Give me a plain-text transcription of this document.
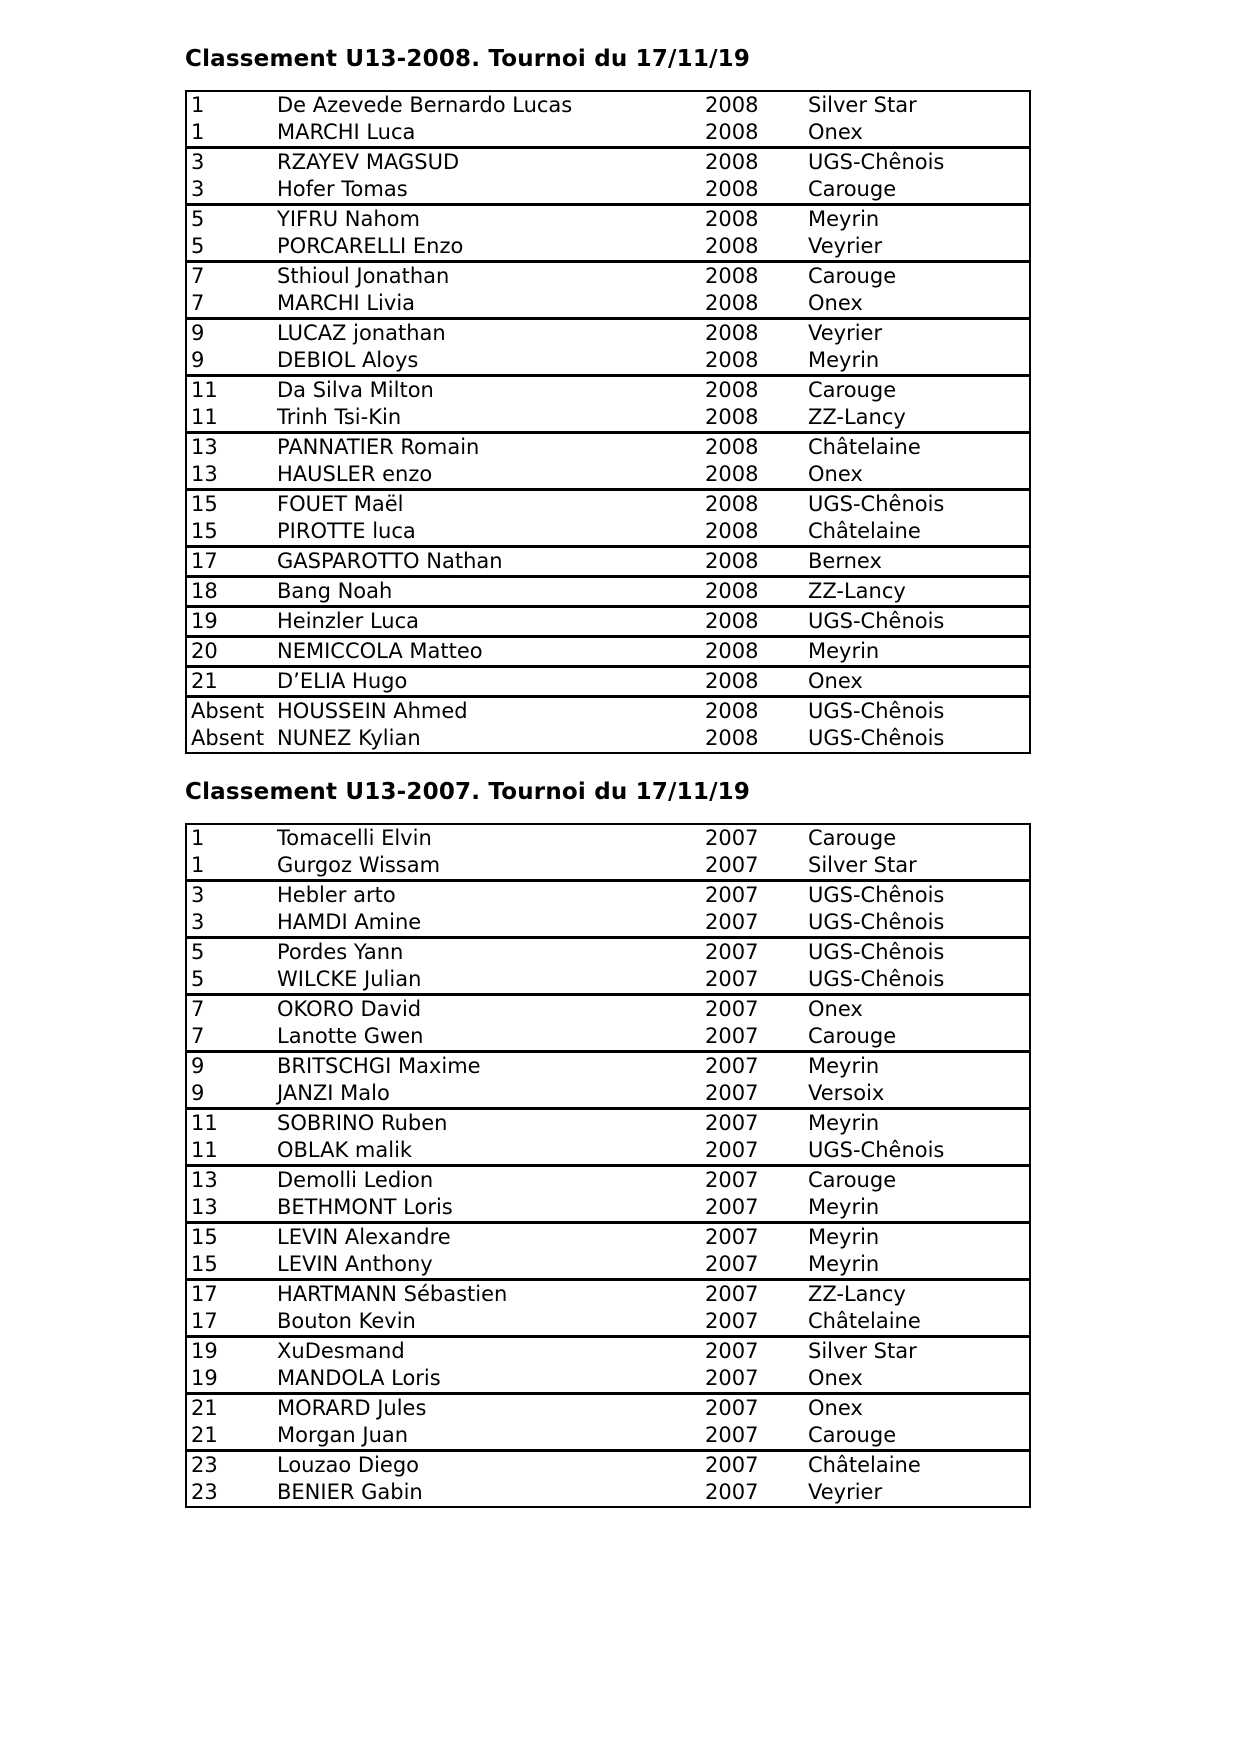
Classement U13-2008. Tournoi du 17/11/19
1	De Azevede Bernardo Lucas	2008	Silver Star
1	MARCHI Luca	2008	Onex
3	RZAYEV MAGSUD	2008	UGS-Chênois
3	Hofer Tomas	2008	Carouge
5	YIFRU Nahom	2008	Meyrin
5	PORCARELLI Enzo	2008	Veyrier
7	Sthioul Jonathan	2008	Carouge
7	MARCHI Livia	2008	Onex
9	LUCAZ jonathan	2008	Veyrier
9	DEBIOL Aloys	2008	Meyrin
11	Da Silva Milton	2008	Carouge
11	Trinh Tsi-Kin	2008	ZZ-Lancy
13	PANNATIER Romain	2008	Châtelaine
13	HAUSLER enzo	2008	Onex
15	FOUET Maël	2008	UGS-Chênois
15	PIROTTE luca	2008	Châtelaine
17	GASPAROTTO Nathan	2008	Bernex
18	Bang Noah	2008	ZZ-Lancy
19	Heinzler Luca	2008	UGS-Chênois
20	NEMICCOLA Matteo	2008	Meyrin
21	D’ELIA Hugo	2008	Onex
Absent HOUSSEIN Ahmed	2008	UGS-Chênois
Absent NUNEZ Kylian	2008	UGS-Chênois
Classement U13-2007. Tournoi du 17/11/19
1	Tomacelli Elvin	2007	Carouge
1	Gurgoz Wissam	2007	Silver Star
3	Hebler arto	2007	UGS-Chênois
3	HAMDI Amine	2007	UGS-Chênois
5	Pordes Yann	2007	UGS-Chênois
5	WILCKE Julian	2007	UGS-Chênois
7	OKORO David	2007	Onex
7	Lanotte Gwen	2007	Carouge
9	BRITSCHGI Maxime	2007	Meyrin
9	JANZI Malo	2007	Versoix
11	SOBRINO Ruben	2007	Meyrin
11	OBLAK malik	2007	UGS-Chênois
13	Demolli Ledion	2007	Carouge
13	BETHMONT Loris	2007	Meyrin
15	LEVIN Alexandre	2007	Meyrin
15	LEVIN Anthony	2007	Meyrin
17	HARTMANN Sébastien	2007	ZZ-Lancy
17	Bouton Kevin	2007	Châtelaine
19	XuDesmand	2007	Silver Star
19	MANDOLA Loris	2007	Onex
21	MORARD Jules	2007	Onex
21	Morgan Juan	2007	Carouge
23	Louzao Diego	2007	Châtelaine
23	BENIER Gabin	2007	Veyrier
